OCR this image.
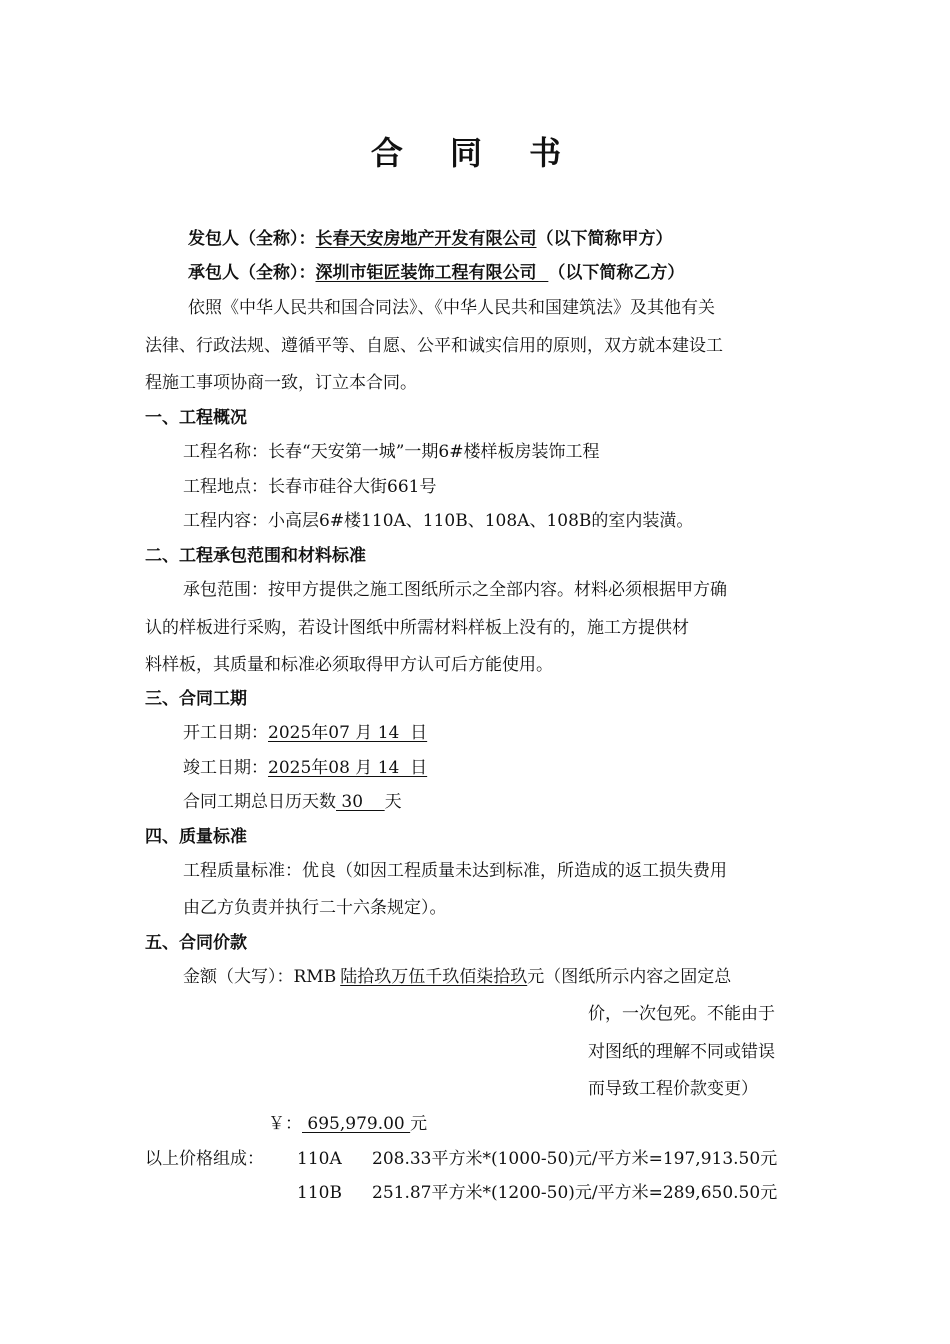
合 同 书
发包人（全称）：长春天安房地产开发有限公司（以下简称甲方）
承包人（全称）：深圳市钜匠装饰工程有限公司  （以下简称乙方）
依照《中华人民共和国合同法》、《中华人民共和国建筑法》及其他有关
法律、行政法规、遵循平等、自愿、公平和诚实信用的原则，双方就本建设工
程施工事项协商一致，订立本合同。
一、工程概况
工程名称：长春“天安第一城”一期6#楼样板房装饰工程
工程地点：长春市硅谷大街661号
工程内容：小高层6#楼110A、110B、108A、108B的室内装潢。
二、工程承包范围和材料标准
承包范围：按甲方提供之施工图纸所示之全部内容。材料必须根据甲方确
认的样板进行采购，若设计图纸中所需材料样板上没有的，施工方提供材
料样板，其质量和标准必须取得甲方认可后方能使用。
三、合同工期
开工日期：2025年07 月 14  日
竣工日期：2025年08 月 14  日
合同工期总日历天数 30    天
四、质量标准
工程质量标准：优良（如因工程质量未达到标准，所造成的返工损失费用
由乙方负责并执行二十六条规定）。
五、合同价款
金额（大写）：RMB 陆拾玖万伍千玖佰柒拾玖元（图纸所示内容之固定总
价，一次包死。不能由于
对图纸的理解不同或错误
而导致工程价款变更）
￥： 695,979.00 元
以上价格组成： 110A 208.33平方米*(1000-50)元/平方米=197,913.50元
110B 251.87平方米*(1200-50)元/平方米=289,650.50元
